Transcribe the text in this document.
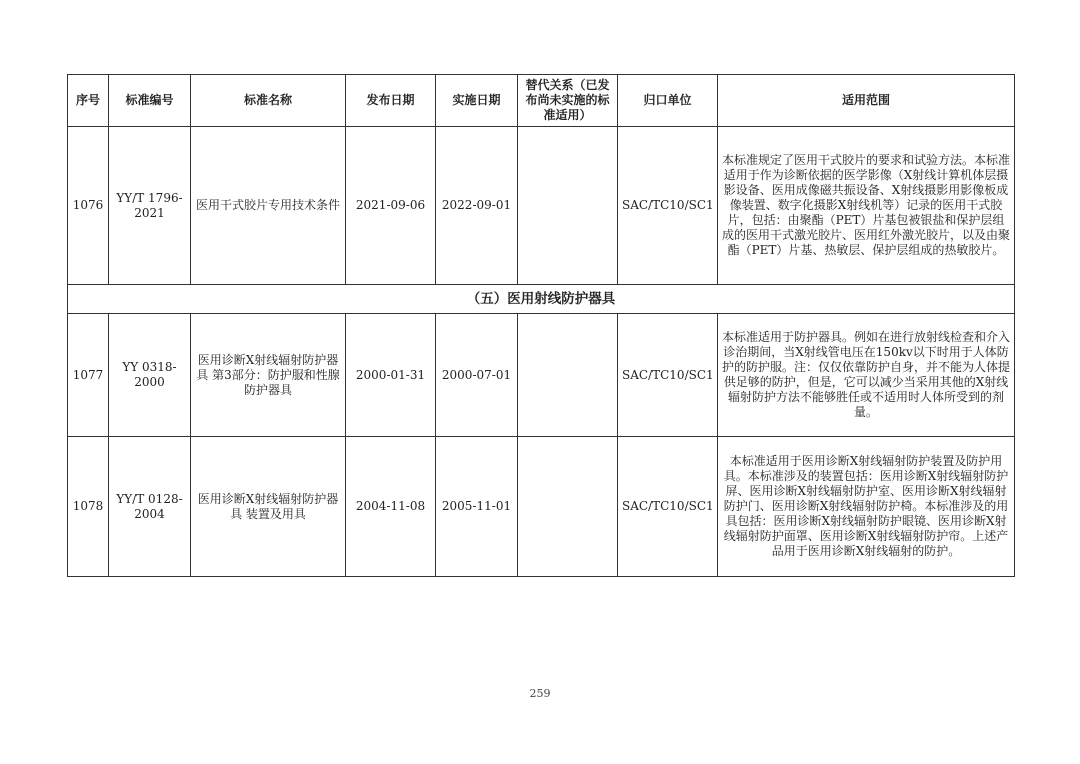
序号	标准编号	标准名称	发布日期	实施日期	替代关系（已发布尚未实施的标准适用）	归口单位	适用范围
1076	YY/T 1796-2021	医用干式胶片专用技术条件	2021-09-06	2022-09-01		SAC/TC10/SC1	本标准规定了医用干式胶片的要求和试验方法。本标准适用于作为诊断依据的医学影像（X射线计算机体层摄影设备、医用成像磁共振设备、X射线摄影用影像板成像装置、数字化摄影X射线机等）记录的医用干式胶片，包括：由聚酯（PET）片基包被银盐和保护层组成的医用干式激光胶片、医用红外激光胶片，以及由聚酯（PET）片基、热敏层、保护层组成的热敏胶片。
（五）医用射线防护器具							
1077	YY 0318-2000	医用诊断X射线辐射防护器具 第3部分：防护服和性腺防护器具	2000-01-31	2000-07-01		SAC/TC10/SC1	本标准适用于防护器具。例如在进行放射线检查和介入诊治期间，当X射线管电压在150kv以下时用于人体防护的防护服。注：仅仅依靠防护自身，并不能为人体提供足够的防护，但是，它可以减少当采用其他的X射线辐射防护方法不能够胜任或不适用时人体所受到的剂量。
1078	YY/T 0128-2004	医用诊断X射线辐射防护器具 装置及用具	2004-11-08	2005-11-01		SAC/TC10/SC1	本标准适用于医用诊断X射线辐射防护装置及防护用具。本标准涉及的装置包括：医用诊断X射线辐射防护屏、医用诊断X射线辐射防护室、医用诊断X射线辐射防护门、医用诊断X射线辐射防护椅。本标准涉及的用具包括：医用诊断X射线辐射防护眼镜、医用诊断X射线辐射防护面罩、医用诊断X射线辐射防护帘。上述产品用于医用诊断X射线辐射的防护。
259
